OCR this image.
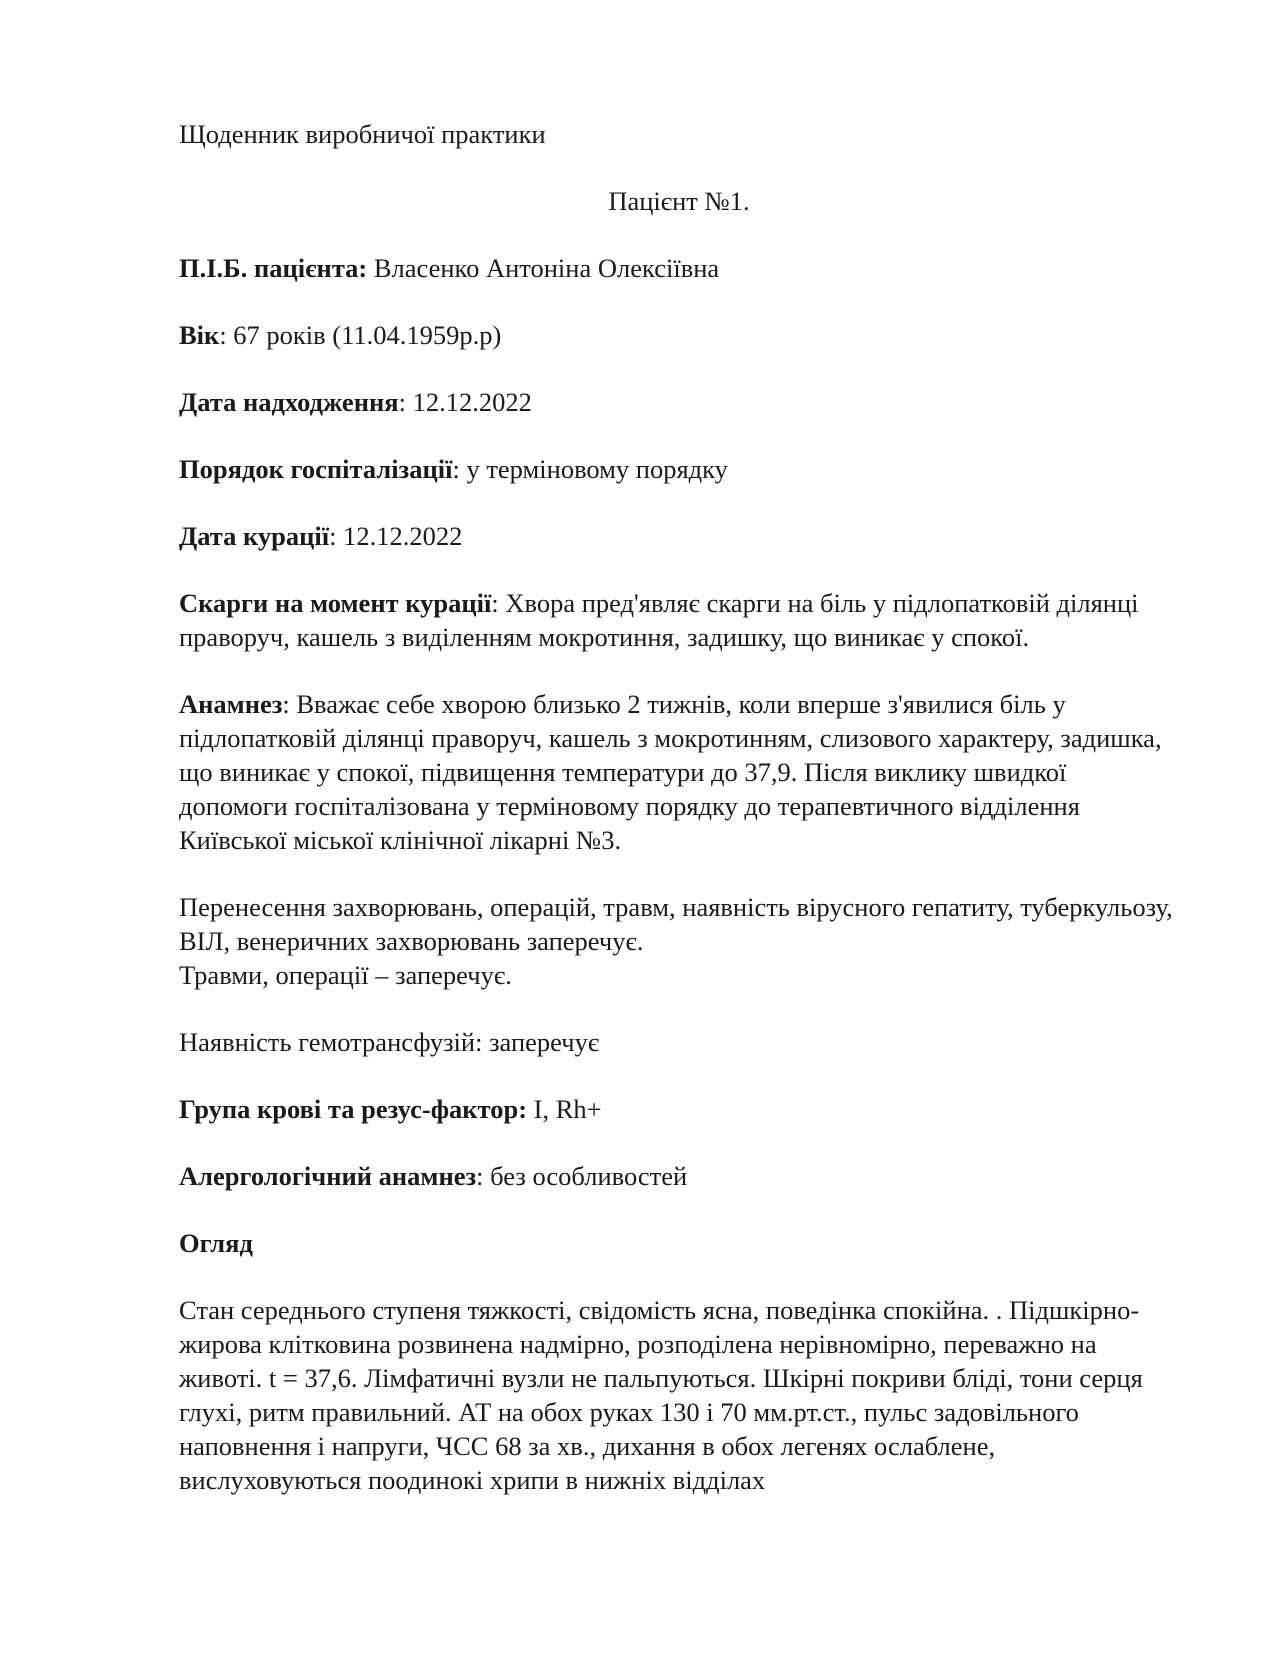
Щоденник виробничої практики

Пацієнт №1.

П.І.Б. пацієнта: Власенко Антоніна Олексіївна

Вік: 67 років (11.04.1959р.р)

Дата надходження: 12.12.2022

Порядок госпіталізації: у терміновому порядку

Дата курації: 12.12.2022

Скарги на момент курації: Хвора пред'являє скарги на біль у підлопатковій ділянці праворуч, кашель з виділенням мокротиння, задишку, що виникає у спокої.

Анамнез: Вважає себе хворою близько 2 тижнів, коли вперше з'явилися біль у підлопатковій ділянці праворуч, кашель з мокротинням, слизового характеру, задишка, що виникає у спокої, підвищення температури до 37,9. Після виклику швидкої допомоги госпіталізована у терміновому порядку до терапевтичного відділення Київської міської клінічної лікарні №3.

Перенесення захворювань, операцій, травм, наявність вірусного гепатиту, туберкульозу, ВІЛ, венеричних захворювань заперечує.

Травми, операції – заперечує.

Наявність гемотрансфузій: заперечує

Група крові та резус-фактор: I, Rh+

Алергологічний анамнез: без особливостей

Огляд

Стан середнього ступеня тяжкості, свідомість ясна, поведінка спокійна. . Підшкірно-жирова клітковина розвинена надмірно, розподілена нерівномірно, переважно на животі. t = 37,6. Лімфатичні вузли не пальпуються. Шкірні покриви бліді, тони серця глухі, ритм правильний. АТ на обох руках 130 і 70 мм.рт.ст., пульс задовільного наповнення і напруги, ЧСС 68 за хв., дихання в обох легенях ослаблене, вислуховуються поодинокі хрипи в нижніх відділах
